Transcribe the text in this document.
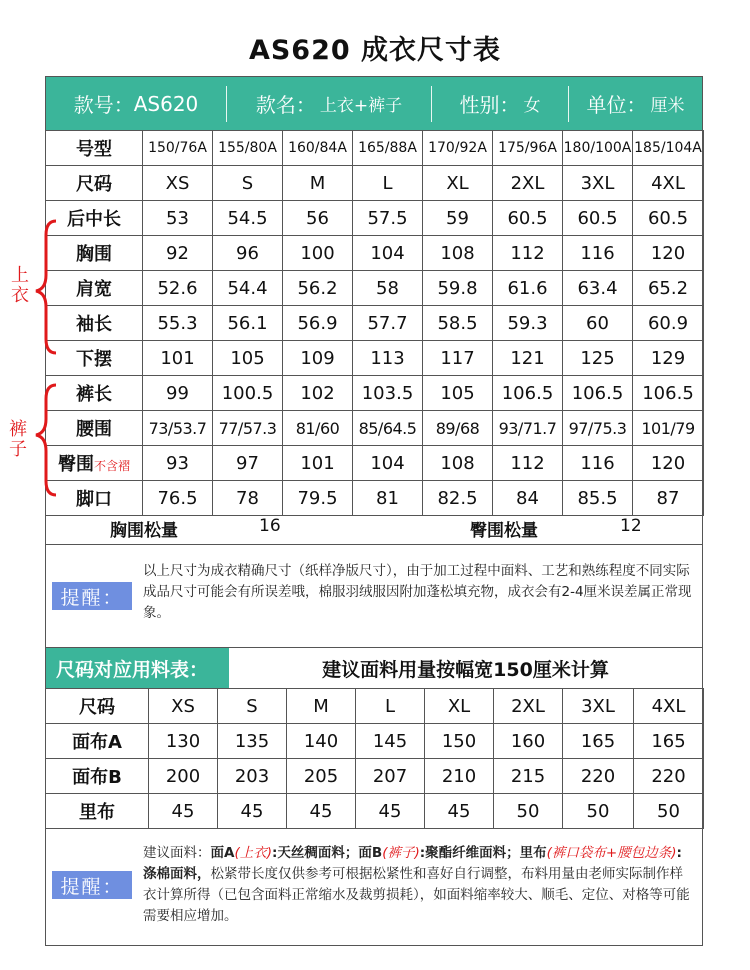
AS620 成衣尺寸表
款号： AS620	款名： 上衣+裤子	性别： 女 单位： 厘米
号型	150/76A	155/80A	160/84A	165/88A	170/92A	175/96A	180/100A	185/104A
尺码	XS	S	M	L	XL	2XL	3XL	4XL
后中长	53	54.5	56	57.5	59	60.5	60.5	60.5
胸围	92	96	100	104	108	112	116	120
肩宽	52.6	54.4	56.2	58	59.8	61.6	63.4	65.2
袖长	55.3	56.1	56.9	57.7	58.5	59.3	60	60.9
下摆	101	105	109	113	117	121	125	129
裤长	99	100.5	102	103.5	105	106.5	106.5	106.5
腰围	73/53.7	77/57.3	81/60	85/64.5	89/68	93/71.7	97/75.3	101/79
臀围不含褶	93	97	101	104	108	112	116	120
脚口	76.5	78	79.5	81	82.5	84	85.5	87
上衣
裤子
胸围松量	16	臀围松量	12
提醒：
以上尺寸为成衣精确尺寸（纸样净版尺寸），由于加工过程中面料、工艺和熟练程度不同实际成品尺寸可能会有所误差哦，棉服羽绒服因附加蓬松填充物，成衣会有2-4厘米误差属正常现象。
尺码对应用料表：	建议面料用量按幅宽150厘米计算
尺码	XS	S	M	L	XL	2XL	3XL	4XL
面布A	130	135	140	145	150	160	165	165
面布B	200	203	205	207	210	215	220	220
里布	45	45	45	45	45	50	50	50
提醒：
建议面料：面A(上衣):天丝稠面料；面B(裤子):聚酯纤维面料；里布(裤口袋布+腰包边条):涤棉面料，松紧带长度仅供参考可根据松紧性和喜好自行调整，布料用量由老师实际制作样衣计算所得（已包含面料正常缩水及裁剪损耗），如面料缩率较大、顺毛、定位、对格等可能需要相应增加。
